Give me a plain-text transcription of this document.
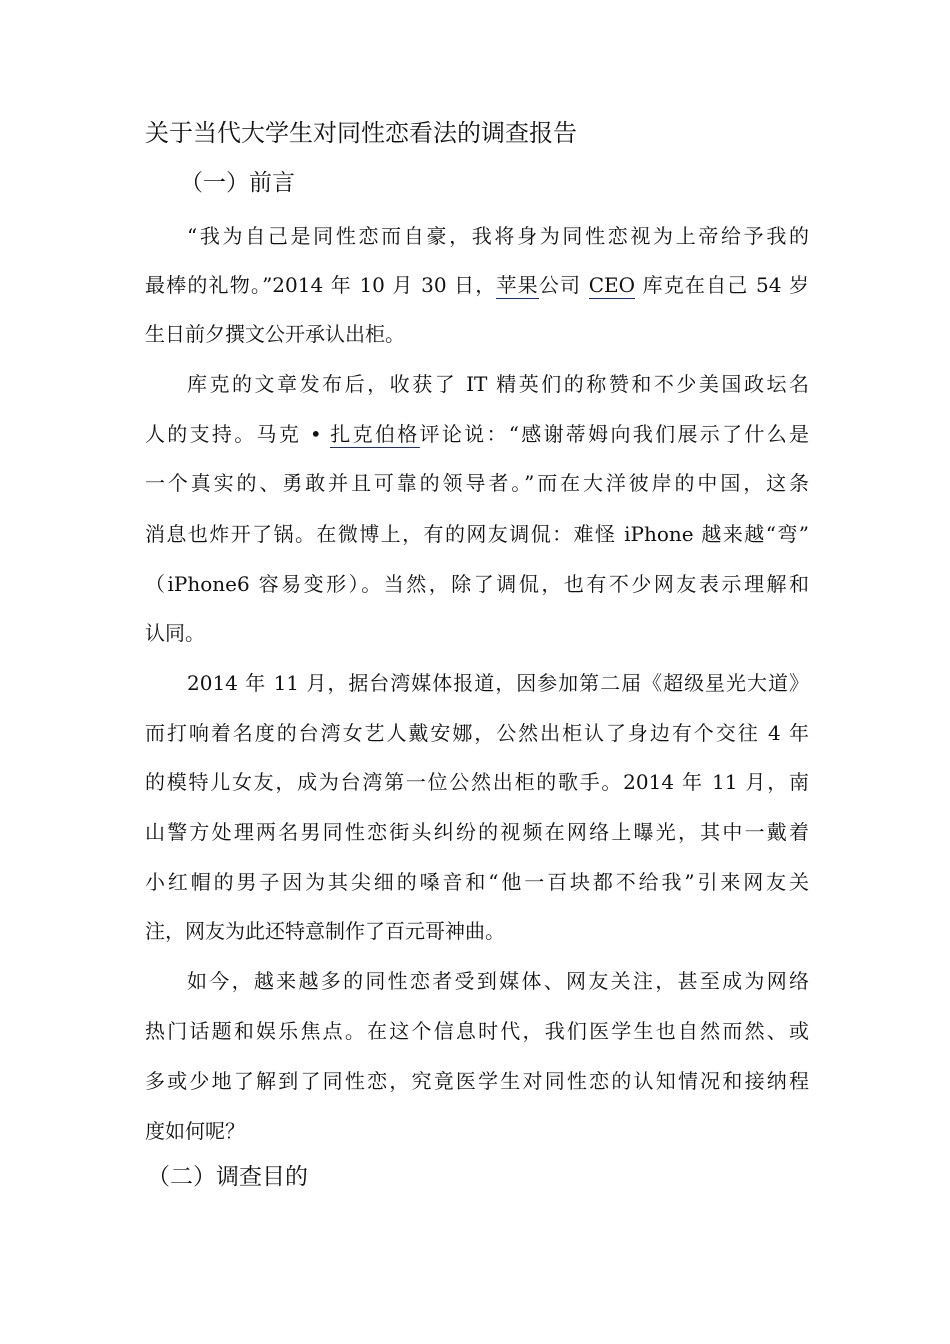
关于当代大学生对同性恋看法的调查报告
（一）前言
“我为自己是同性恋而自豪，我将身为同性恋视为上帝给予我的
最棒的礼物。”2014 年 10 月 30 日，苹果公司 CEO 库克在自己 54 岁
生日前夕撰文公开承认出柜。
库克的文章发布后，收获了 IT 精英们的称赞和不少美国政坛名
人的支持。马克 • 扎克伯格评论说：“感谢蒂姆向我们展示了什么是
一个真实的、勇敢并且可靠的领导者。”而在大洋彼岸的中国，这条
消息也炸开了锅。在微博上，有的网友调侃：难怪 iPhone 越来越“弯”
（iPhone6 容易变形）。当然，除了调侃，也有不少网友表示理解和
认同。
2014 年 11 月，据台湾媒体报道，因参加第二届《超级星光大道》
而打响着名度的台湾女艺人戴安娜，公然出柜认了身边有个交往 4 年
的模特儿女友，成为台湾第一位公然出柜的歌手。2014 年 11 月，南
山警方处理两名男同性恋街头纠纷的视频在网络上曝光，其中一戴着
小红帽的男子因为其尖细的嗓音和“他一百块都不给我”引来网友关
注，网友为此还特意制作了百元哥神曲。
如今，越来越多的同性恋者受到媒体、网友关注，甚至成为网络
热门话题和娱乐焦点。在这个信息时代，我们医学生也自然而然、或
多或少地了解到了同性恋，究竟医学生对同性恋的认知情况和接纳程
度如何呢？
（二）调查目的
